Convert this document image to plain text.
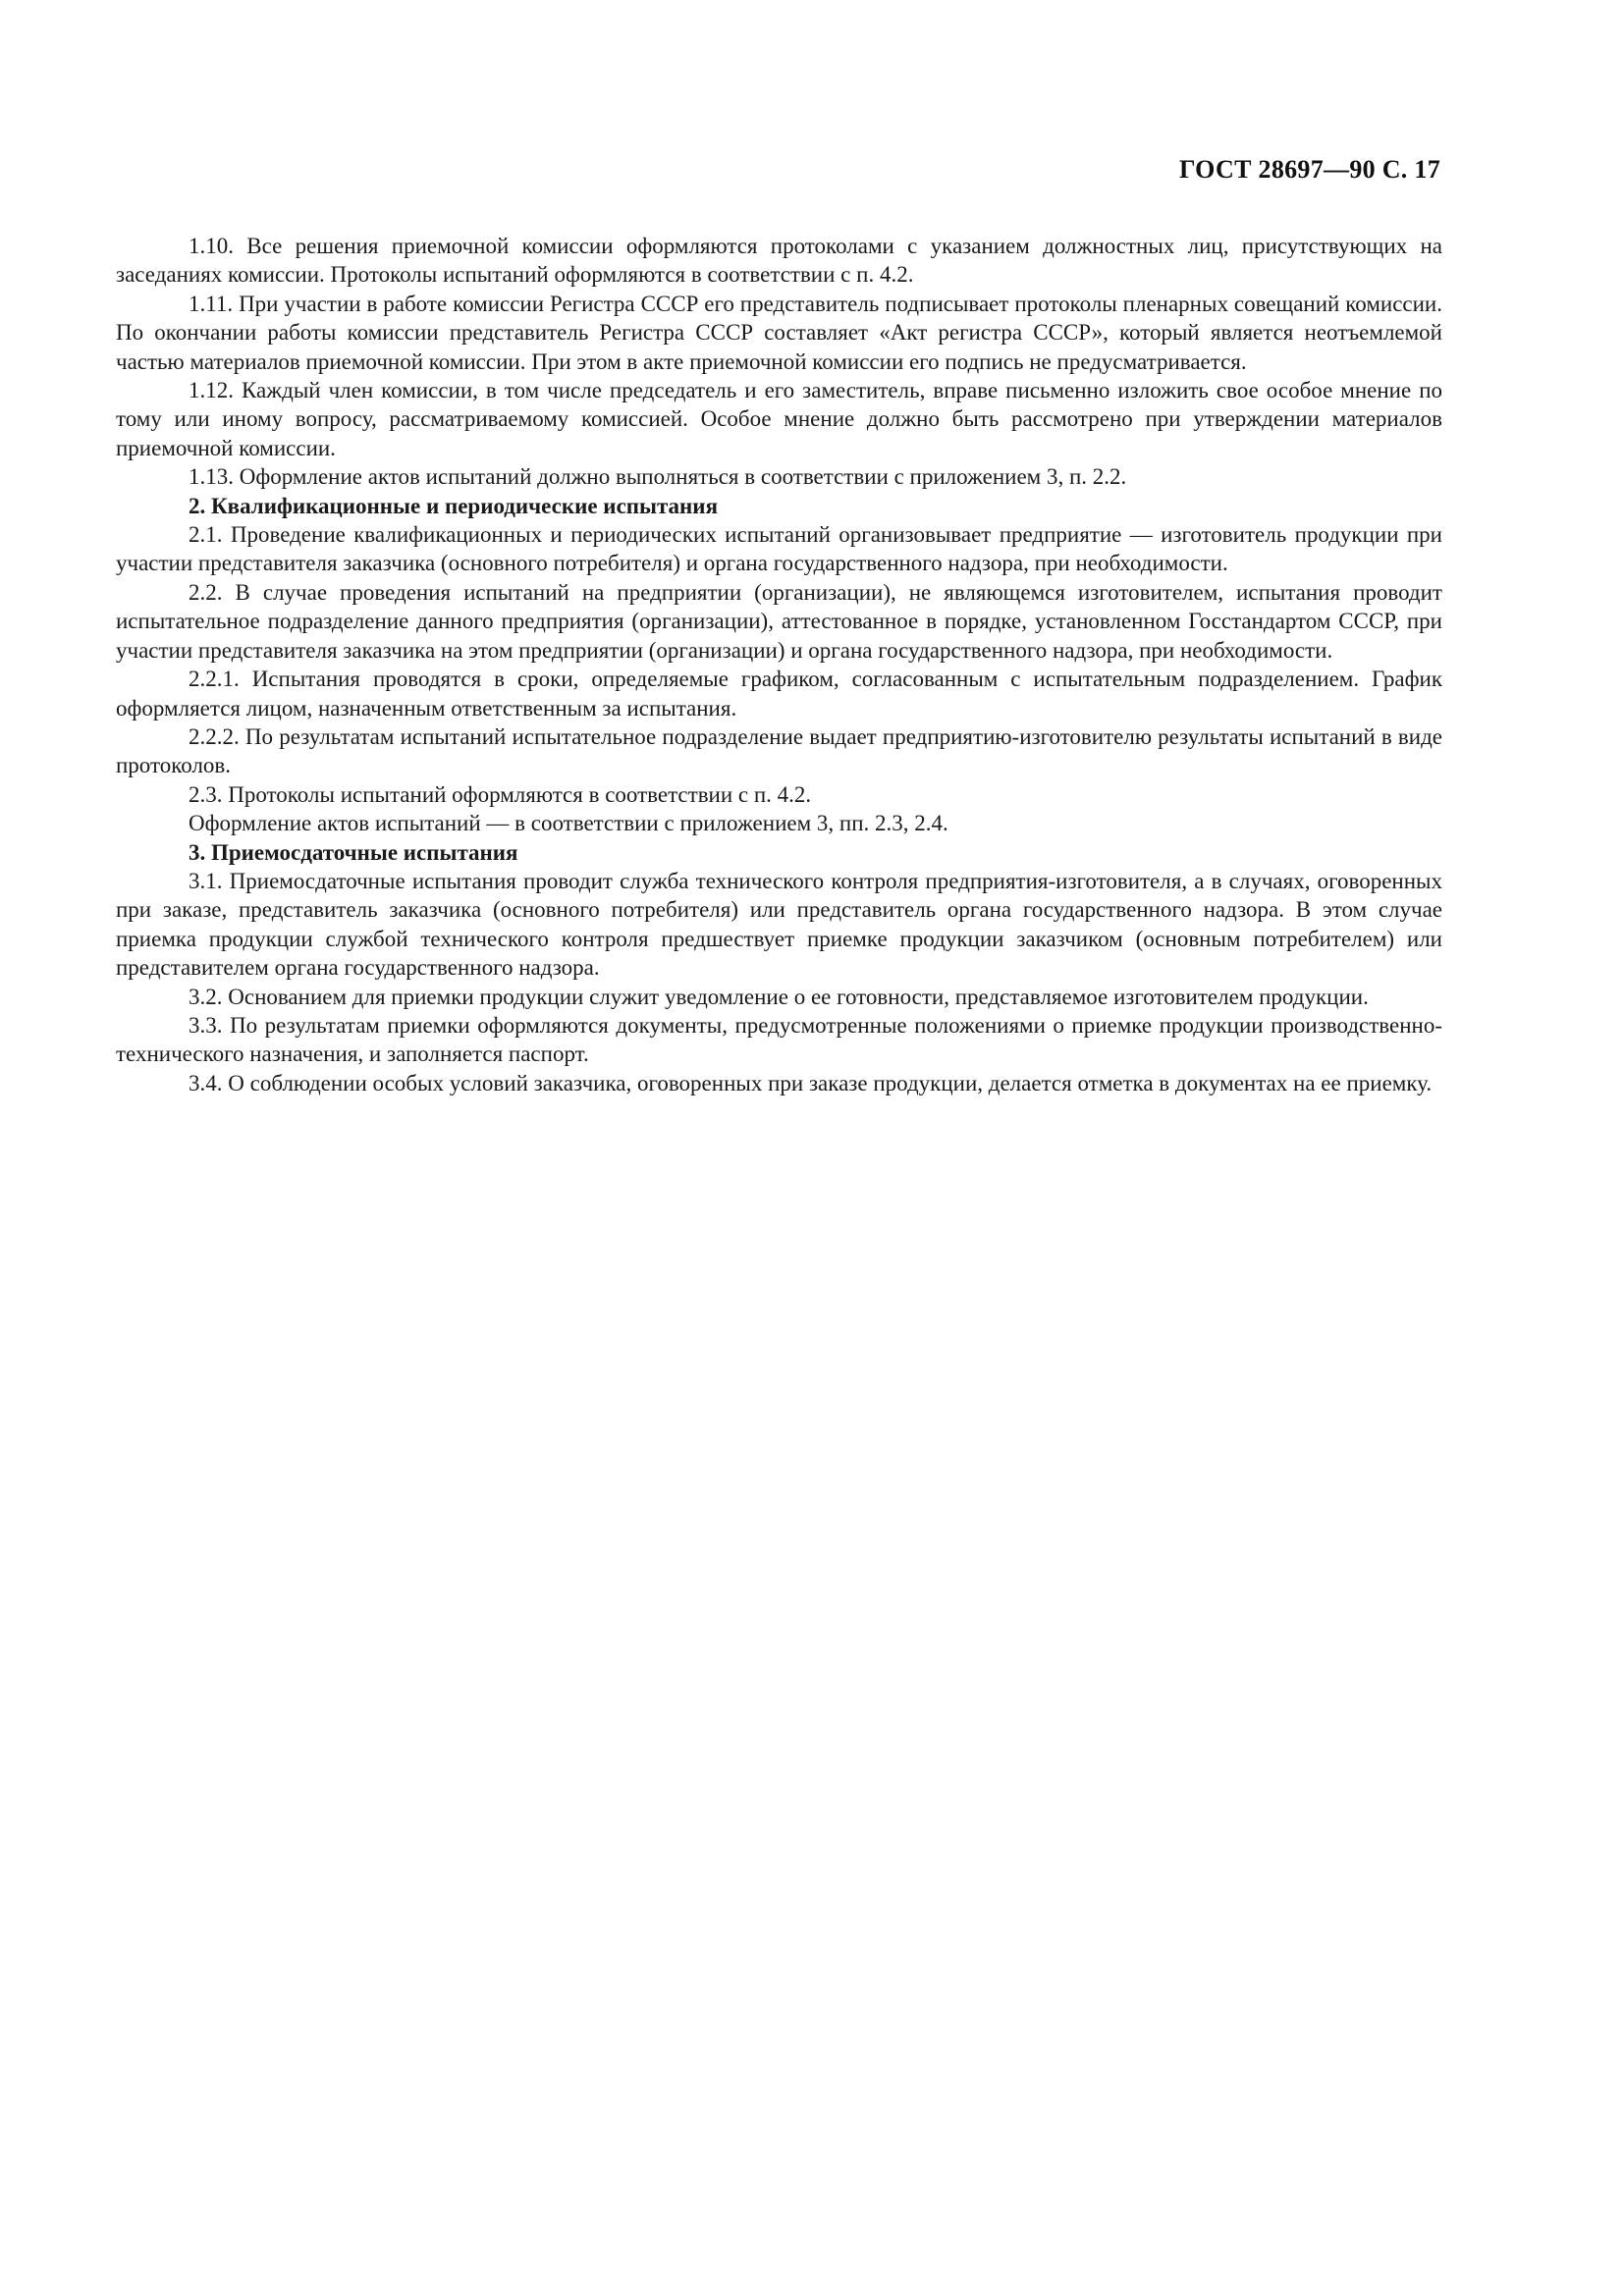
ГОСТ 28697—90 С. 17

1.10. Все решения приемочной комиссии оформляются протоколами с указанием должностных лиц, присутствующих на заседаниях комиссии. Протоколы испытаний оформляются в соответствии с п. 4.2.

1.11. При участии в работе комиссии Регистра СССР его представитель подписывает протоколы пленарных совещаний комиссии. По окончании работы комиссии представитель Регистра СССР составляет «Акт регистра СССР», который является неотъемлемой частью материалов приемочной комиссии. При этом в акте приемочной комиссии его подпись не предусматривается.

1.12. Каждый член комиссии, в том числе председатель и его заместитель, вправе письменно изложить свое особое мнение по тому или иному вопросу, рассматриваемому комиссией. Особое мнение должно быть рассмотрено при утверждении материалов приемочной комиссии.

1.13. Оформление актов испытаний должно выполняться в соответствии с приложением 3, п. 2.2.

2. Квалификационные и периодические испытания

2.1. Проведение квалификационных и периодических испытаний организовывает предприятие — изготовитель продукции при участии представителя заказчика (основного потребителя) и органа государственного надзора, при необходимости.

2.2. В случае проведения испытаний на предприятии (организации), не являющемся изготовителем, испытания проводит испытательное подразделение данного предприятия (организации), аттестованное в порядке, установленном Госстандартом СССР, при участии представителя заказчика на этом предприятии (организации) и органа государственного надзора, при необходимости.

2.2.1. Испытания проводятся в сроки, определяемые графиком, согласованным с испытательным подразделением. График оформляется лицом, назначенным ответственным за испытания.

2.2.2. По результатам испытаний испытательное подразделение выдает предприятию-изготовителю результаты испытаний в виде протоколов.

2.3. Протоколы испытаний оформляются в соответствии с п. 4.2.

Оформление актов испытаний — в соответствии с приложением 3, пп. 2.3, 2.4.

3. Приемосдаточные испытания

3.1. Приемосдаточные испытания проводит служба технического контроля предприятия-изготовителя, а в случаях, оговоренных при заказе, представитель заказчика (основного потребителя) или представитель органа государственного надзора. В этом случае приемка продукции службой технического контроля предшествует приемке продукции заказчиком (основным потребителем) или представителем органа государственного надзора.

3.2. Основанием для приемки продукции служит уведомление о ее готовности, представляемое изготовителем продукции.

3.3. По результатам приемки оформляются документы, предусмотренные положениями о приемке продукции производственно-технического назначения, и заполняется паспорт.

3.4. О соблюдении особых условий заказчика, оговоренных при заказе продукции, делается отметка в документах на ее приемку.
